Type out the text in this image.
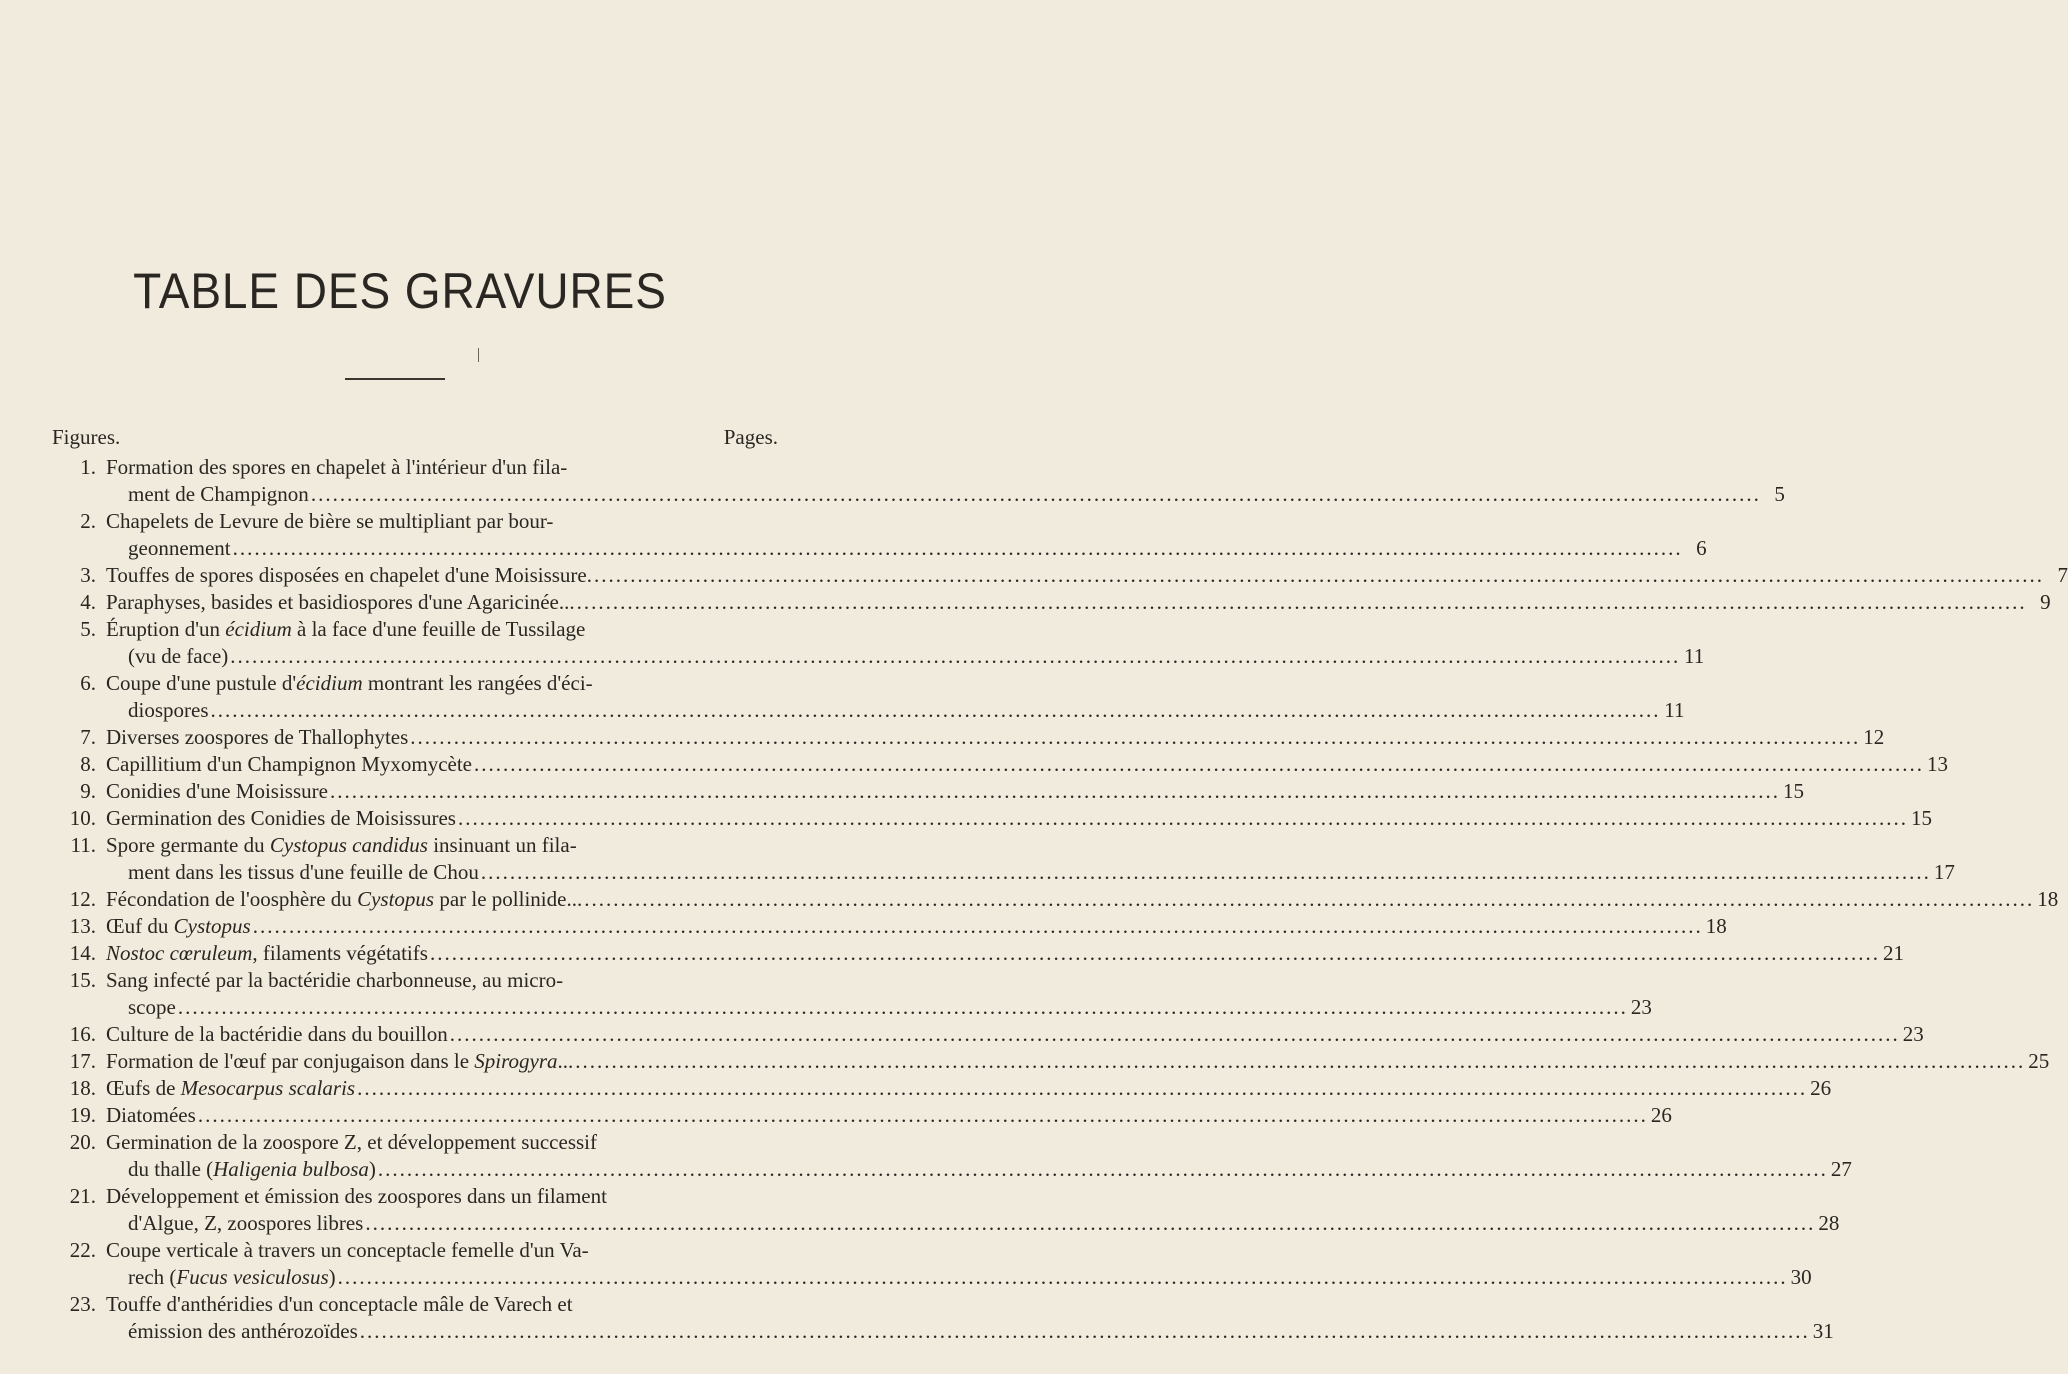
TABLE DES GRAVURES
Figures.	Pages.
1. Formation des spores en chapelet à l'intérieur d'un fila-
ment de Champignon .....	5
2. Chapelets de Levure de bière se multipliant par bour-
geonnement .....	6
3. Touffes de spores disposées en chapelet d'une Moisissure. .....	7
4. Paraphyses, basides et basidiospores d'une Agaricinée... .....	9
5. Éruption d'un écidium à la face d'une feuille de Tussilage
(vu de face) .....	11
6. Coupe d'une pustule d'écidium montrant les rangées d'éci-
diospores .....	11
7. Diverses zoospores de Thallophytes .....	12
8. Capillitium d'un Champignon Myxomycète .....	13
9. Conidies d'une Moisissure .....	15
10. Germination des Conidies de Moisissures .....	15
11. Spore germante du Cystopus candidus insinuant un fila-
ment dans les tissus d'une feuille de Chou .....	17
12. Fécondation de l'oosphère du Cystopus par le pollinide... .....	18
13. Œuf du Cystopus .....	18
14. Nostoc cœruleum, filaments végétatifs .....	21
15. Sang infecté par la bactéridie charbonneuse, au micro-
scope .....	23
16. Culture de la bactéridie dans du bouillon .....	23
17. Formation de l'œuf par conjugaison dans le Spirogyra... .....	25
18. Œufs de Mesocarpus scalaris .....	26
19. Diatomées .....	26
20. Germination de la zoospore Z, et développement successif
du thalle (Haligenia bulbosa) .....	27
21. Développement et émission des zoospores dans un filament
d'Algue, Z, zoospores libres .....	28
22. Coupe verticale à travers un conceptacle femelle d'un Va-
rech (Fucus vesiculosus) .....	30
23. Touffe d'anthéridies d'un conceptacle mâle de Varech et
émission des anthérozoïdes .....	31
